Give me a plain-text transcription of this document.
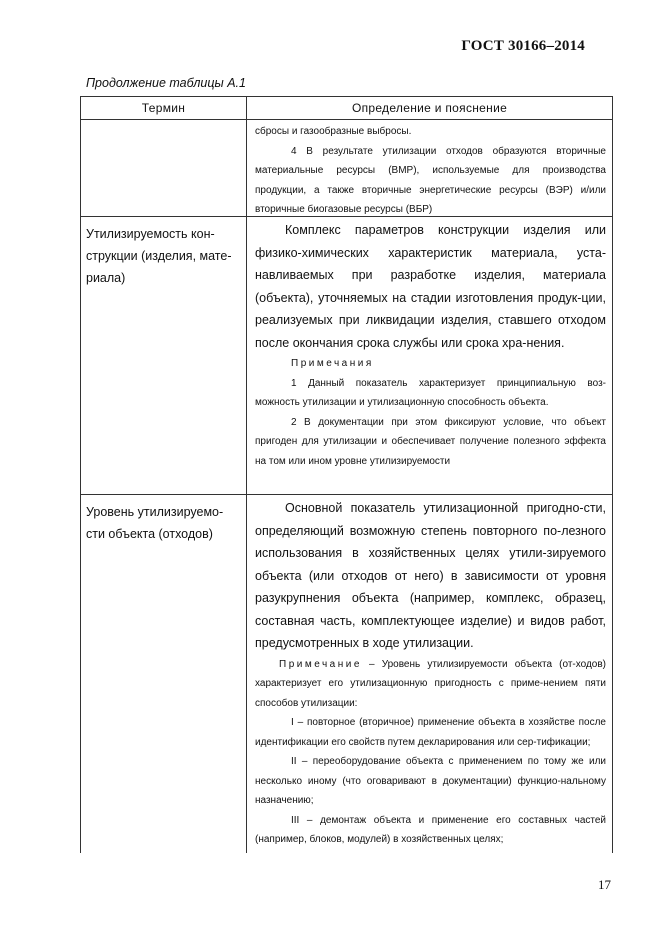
ГОСТ 30166–2014
Продолжение таблицы А.1
Термин	Определение и пояснение

сбросы и газообразные выбросы.

4 В результате утилизации отходов образуются вторичные материальные ресурсы (ВМР), используемые для производства продукции, а также вторичные энергетические ресурсы (ВЭР) и/или вторичные биогазовые ресурсы (ВБР)

Утилизируемость кон-струкции (изделия, мате-риала)

Комплекс параметров конструкции изделия или физико-химических характеристик материала, уста-навливаемых при разработке изделия, материала (объекта), уточняемых на стадии изготовления продук-ции, реализуемых при ликвидации изделия, ставшего отходом после окончания срока службы или срока хра-нения.

Примечания

1 Данный показатель характеризует принципиальную воз-можность утилизации и утилизационную способность объекта.

2 В документации при этом фиксируют условие, что объект пригоден для утилизации и обеспечивает получение полезного эффекта на том или ином уровне утилизируемости

Уровень утилизируемо-сти объекта (отходов)

Основной показатель утилизационной пригодно-сти, определяющий возможную степень повторного по-лезного использования в хозяйственных целях утили-зируемого объекта (или отходов от него) в зависимости от уровня разукрупнения объекта (например, комплекс, образец, составная часть, комплектующее изделие) и видов работ, предусмотренных в ходе утилизации.

Примечание – Уровень утилизируемости объекта (от-ходов) характеризует его утилизационную пригодность с приме-нением пяти способов утилизации:

I – повторное (вторичное) применение объекта в хозяйстве после идентификации его свойств путем декларирования или сер-тификации;

II – переоборудование объекта с применением по тому же или несколько иному (что оговаривают в документации) функцио-нальному назначению;

III – демонтаж объекта и применение его составных частей (например, блоков, модулей) в хозяйственных целях;

17
